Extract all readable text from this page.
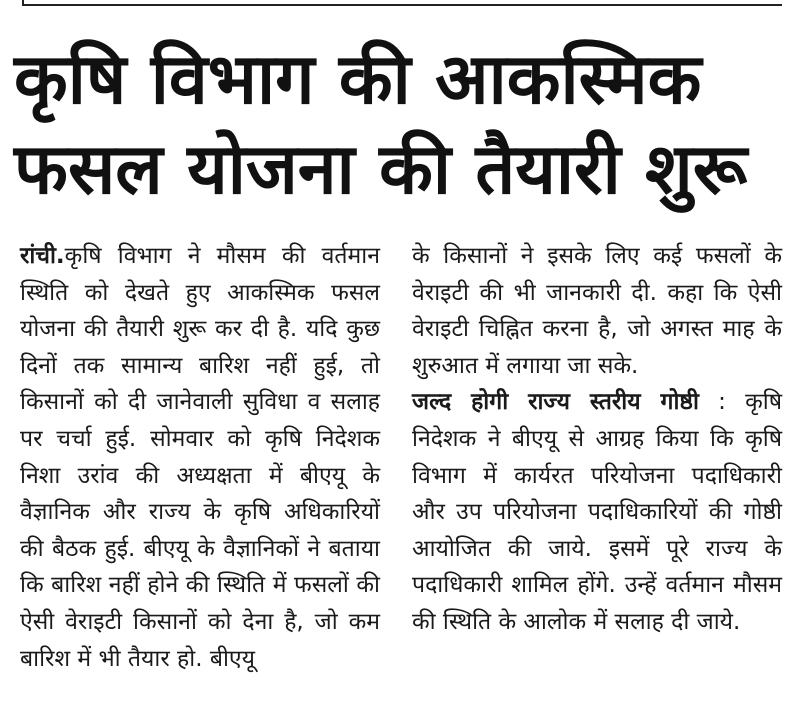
कृषि विभाग की आकस्मिक
फसल योजना की तैयारी शुरू

रांची.कृषि विभाग ने मौसम की वर्तमान स्थिति को देखते हुए आकस्मिक फसल योजना की तैयारी शुरू कर दी है. यदि कुछ दिनों तक सामान्य बारिश नहीं हुई, तो किसानों को दी जानेवाली सुविधा व सलाह पर चर्चा हुई. सोमवार को कृषि निदेशक निशा उरांव की अध्यक्षता में बीएयू के वैज्ञानिक और राज्य के कृषि अधिकारियों की बैठक हुई. बीएयू के वैज्ञानिकों ने बताया कि बारिश नहीं होने की स्थिति में फसलों की ऐसी वेराइटी किसानों को देना है, जो कम बारिश में भी तैयार हो. बीएयू

के किसानों ने इसके लिए कई फसलों के वेराइटी की भी जानकारी दी. कहा कि ऐसी वेराइटी चिह्नित करना है, जो अगस्त माह के शुरुआत में लगाया जा सके.

जल्द होगी राज्य स्तरीय गोष्ठी : कृषि निदेशक ने बीएयू से आग्रह किया कि कृषि विभाग में कार्यरत परियोजना पदाधिकारी और उप परियोजना पदाधिकारियों की गोष्ठी आयोजित की जाये. इसमें पूरे राज्य के पदाधिकारी शामिल होंगे. उन्हें वर्तमान मौसम की स्थिति के आलोक में सलाह दी जाये.
